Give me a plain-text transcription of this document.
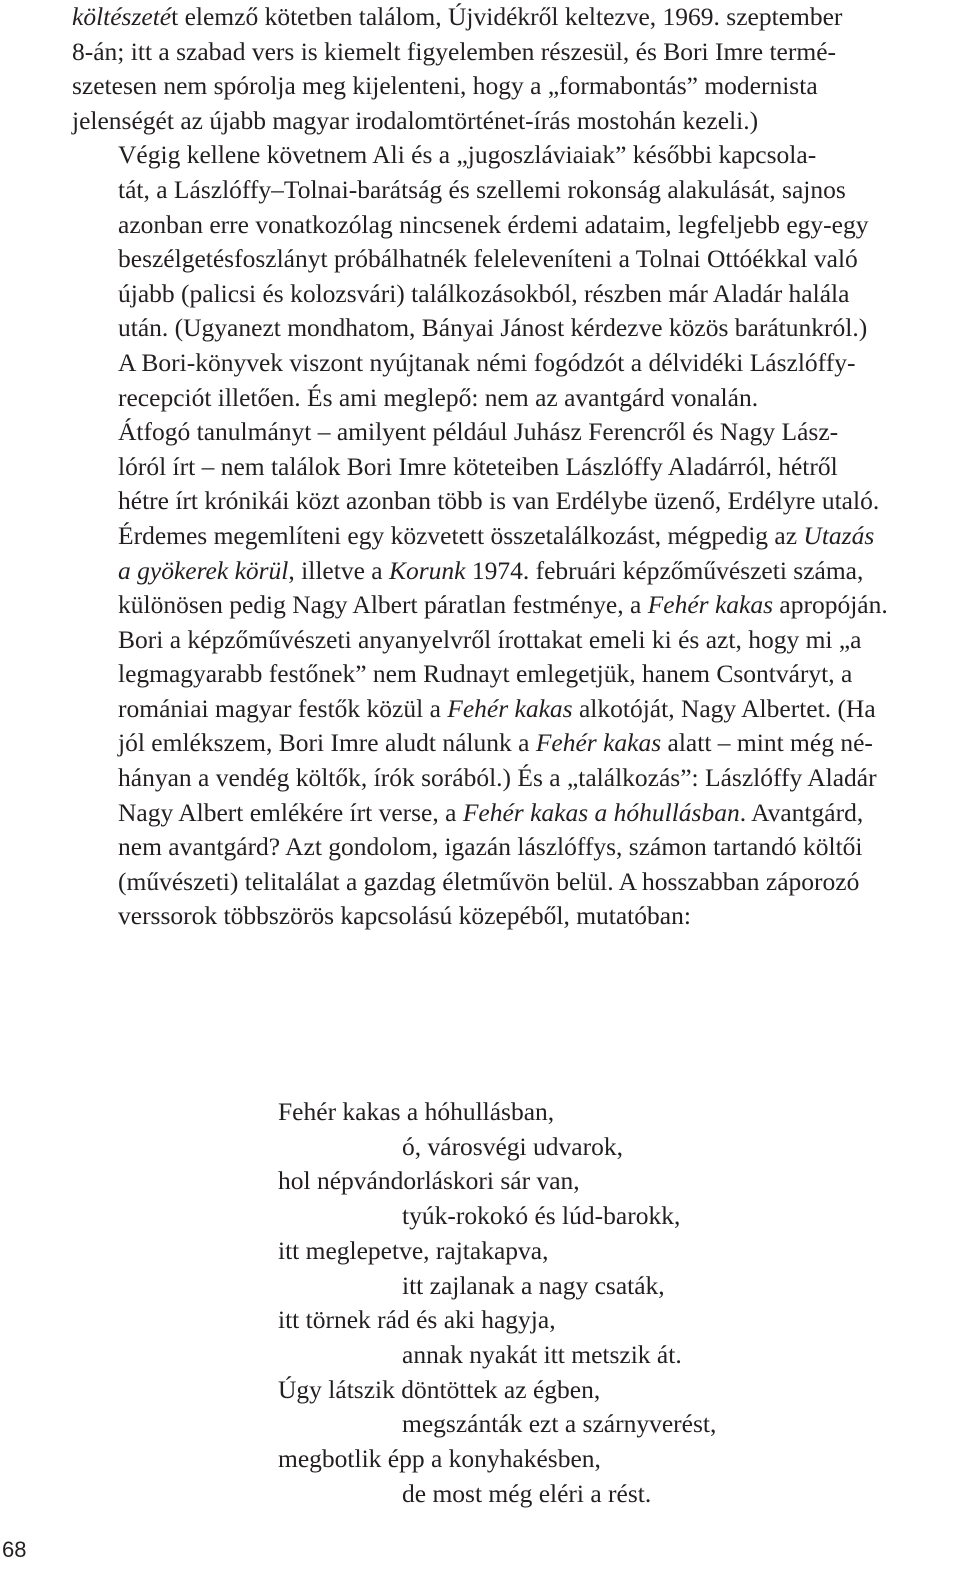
költészetét elemző kötetben találom, Újvidékről keltezve, 1969. szeptember
8-án; itt a szabad vers is kiemelt figyelemben részesül, és Bori Imre termé-
szetesen nem spórolja meg kijelenteni, hogy a „formabontás” modernista
jelenségét az újabb magyar irodalomtörténet-írás mostohán kezeli.)

Végig kellene követnem Ali és a „jugoszláviaiak” későbbi kapcsola-
tát, a Lászlóffy–Tolnai-barátság és szellemi rokonság alakulását, sajnos
azonban erre vonatkozólag nincsenek érdemi adataim, legfeljebb egy-egy
beszélgetésfoszlányt próbálhatnék feleleveníteni a Tolnai Ottóékkal való
újabb (palicsi és kolozsvári) találkozásokból, részben már Aladár halála
után. (Ugyanezt mondhatom, Bányai Jánost kérdezve közös barátunkról.)
A Bori-könyvek viszont nyújtanak némi fogódzót a délvidéki Lászlóffy-
recepciót illetően. És ami meglepő: nem az avantgárd vonalán.

Átfogó tanulmányt – amilyent például Juhász Ferencről és Nagy Lász-
lóról írt – nem találok Bori Imre köteteiben Lászlóffy Aladárról, hétről
hétre írt krónikái közt azonban több is van Erdélybe üzenő, Erdélyre utaló.
Érdemes megemlíteni egy közvetett összetalálkozást, mégpedig az Utazás
a gyökerek körül, illetve a Korunk 1974. februári képzőművészeti száma,
különösen pedig Nagy Albert páratlan festménye, a Fehér kakas apropóján.
Bori a képzőművészeti anyanyelvről írottakat emeli ki és azt, hogy mi „a
legmagyarabb festőnek” nem Rudnayt emlegetjük, hanem Csontváryt, a
romániai magyar festők közül a Fehér kakas alkotóját, Nagy Albertet. (Ha
jól emlékszem, Bori Imre aludt nálunk a Fehér kakas alatt – mint még né-
hányan a vendég költők, írók sorából.) És a „találkozás”: Lászlóffy Aladár
Nagy Albert emlékére írt verse, a Fehér kakas a hóhullásban. Avantgárd,
nem avantgárd? Azt gondolom, igazán lászlóffys, számon tartandó költői
(művészeti) telitalálat a gazdag életművön belül. A hosszabban záporozó
verssorok többszörös kapcsolású közepéből, mutatóban:

Fehér kakas a hóhullásban,
ó, városvégi udvarok,
hol népvándorláskori sár van,
tyúk-rokokó és lúd-barokk,
itt meglepetve, rajtakapva,
itt zajlanak a nagy csaták,
itt törnek rád és aki hagyja,
annak nyakát itt metszik át.
Úgy látszik döntöttek az égben,
megszánták ezt a szárnyverést,
megbotlik épp a konyhakésben,
de most még eléri a rést.
68
